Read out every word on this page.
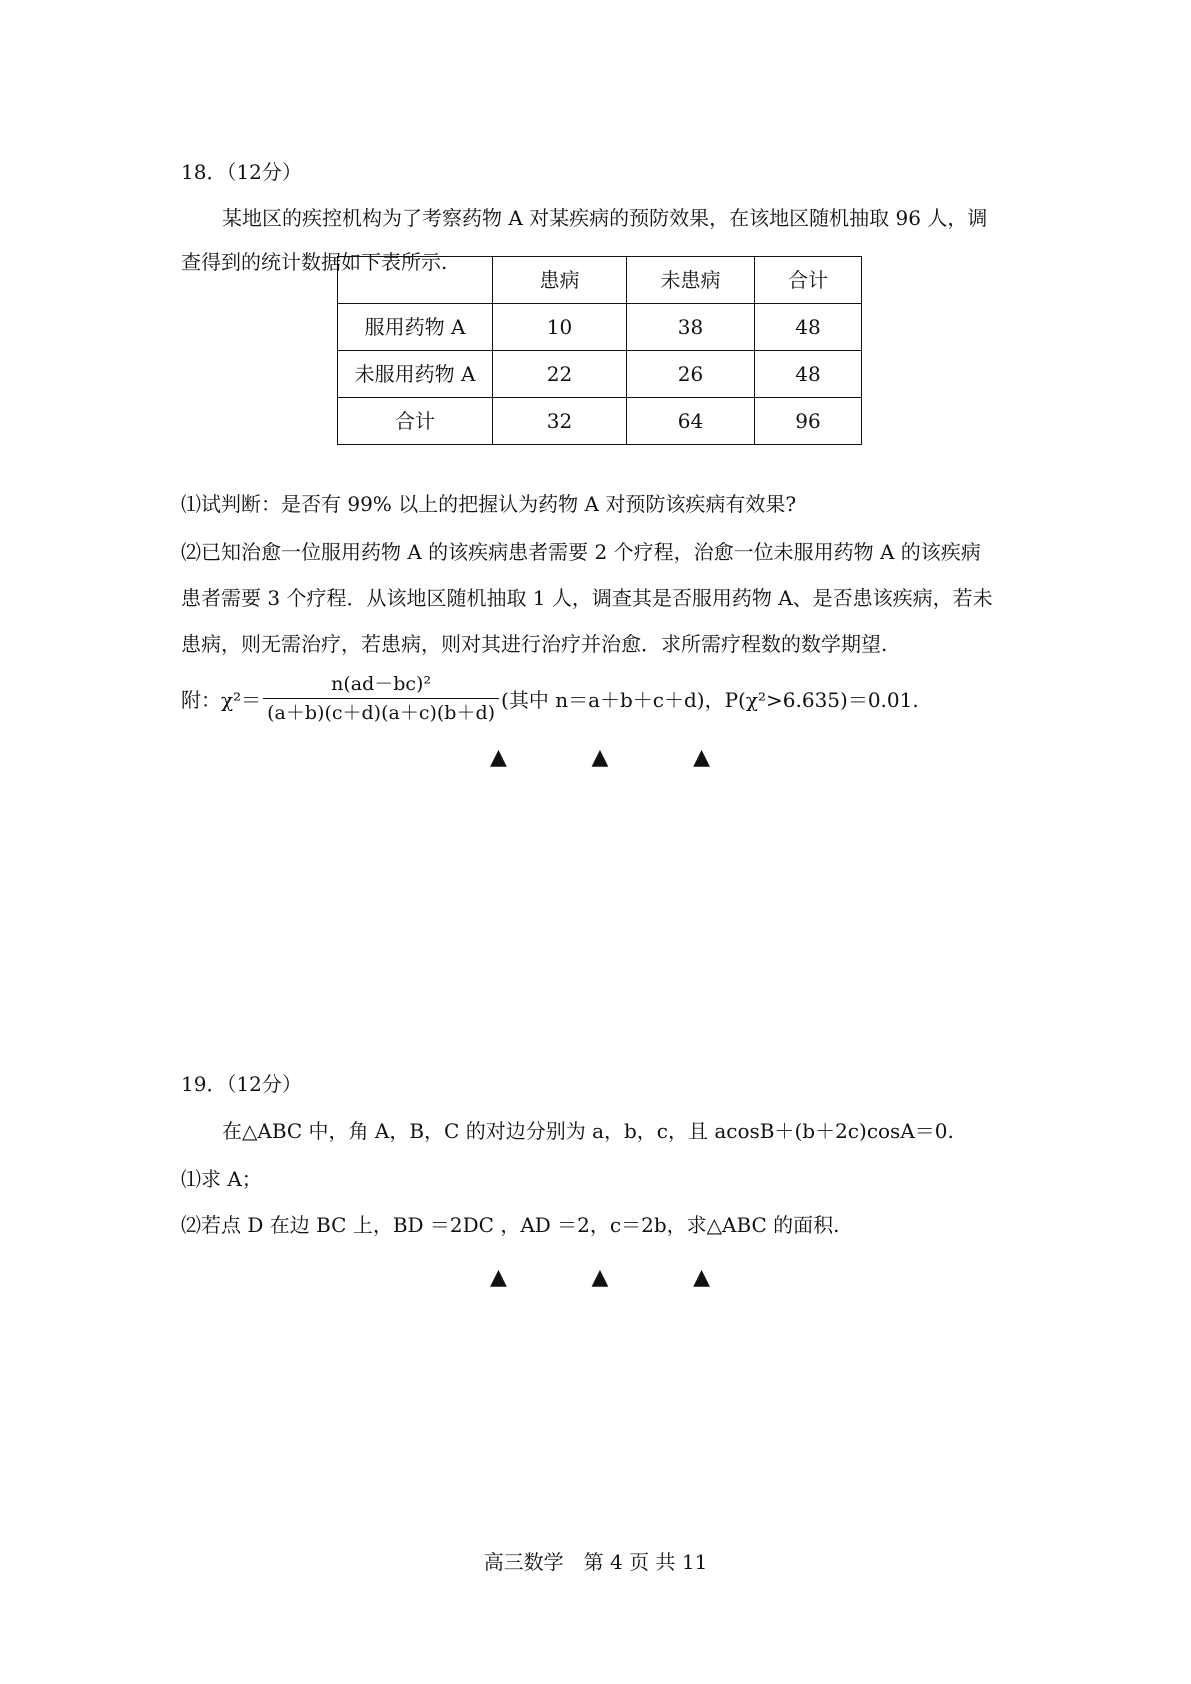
18．（12分）
某地区的疾控机构为了考察药物 A 对某疾病的预防效果，在该地区随机抽取 96 人，调
查得到的统计数据如下表所示.
	患病	未患病	合计
服用药物 A	10	38	48
未服用药物 A	22	26	48
合计	32	64	96
⑴试判断：是否有 99% 以上的把握认为药物 A 对预防该疾病有效果?
⑵已知治愈一位服用药物 A 的该疾病患者需要 2 个疗程，治愈一位未服用药物 A 的该疾病
患者需要 3 个疗程．从该地区随机抽取 1 人，调查其是否服用药物 A、是否患该疾病，若未
患病，则无需治疗，若患病，则对其进行治疗并治愈．求所需疗程数的数学期望.
附：$\chi^2= \frac{\text{n(ad－bc)²}}{(a+b)(c+d)(a+c)(b+d)}$ (其中 n＝a＋b＋c＋d)，P(χ²>6.635)＝0.01.
▲	▲	▲
19．（12分）
在△ABC 中，角 A，B，C 的对边分别为 a，b，c，且 acosB＋(b＋2c)cosA＝0.
⑴求 A；
⑵若点 D 在边 BC 上，BD ＝2DC ，AD ＝2，c＝2b，求△ABC 的面积.
▲	▲	▲
高三数学　第 4 页 共 11
